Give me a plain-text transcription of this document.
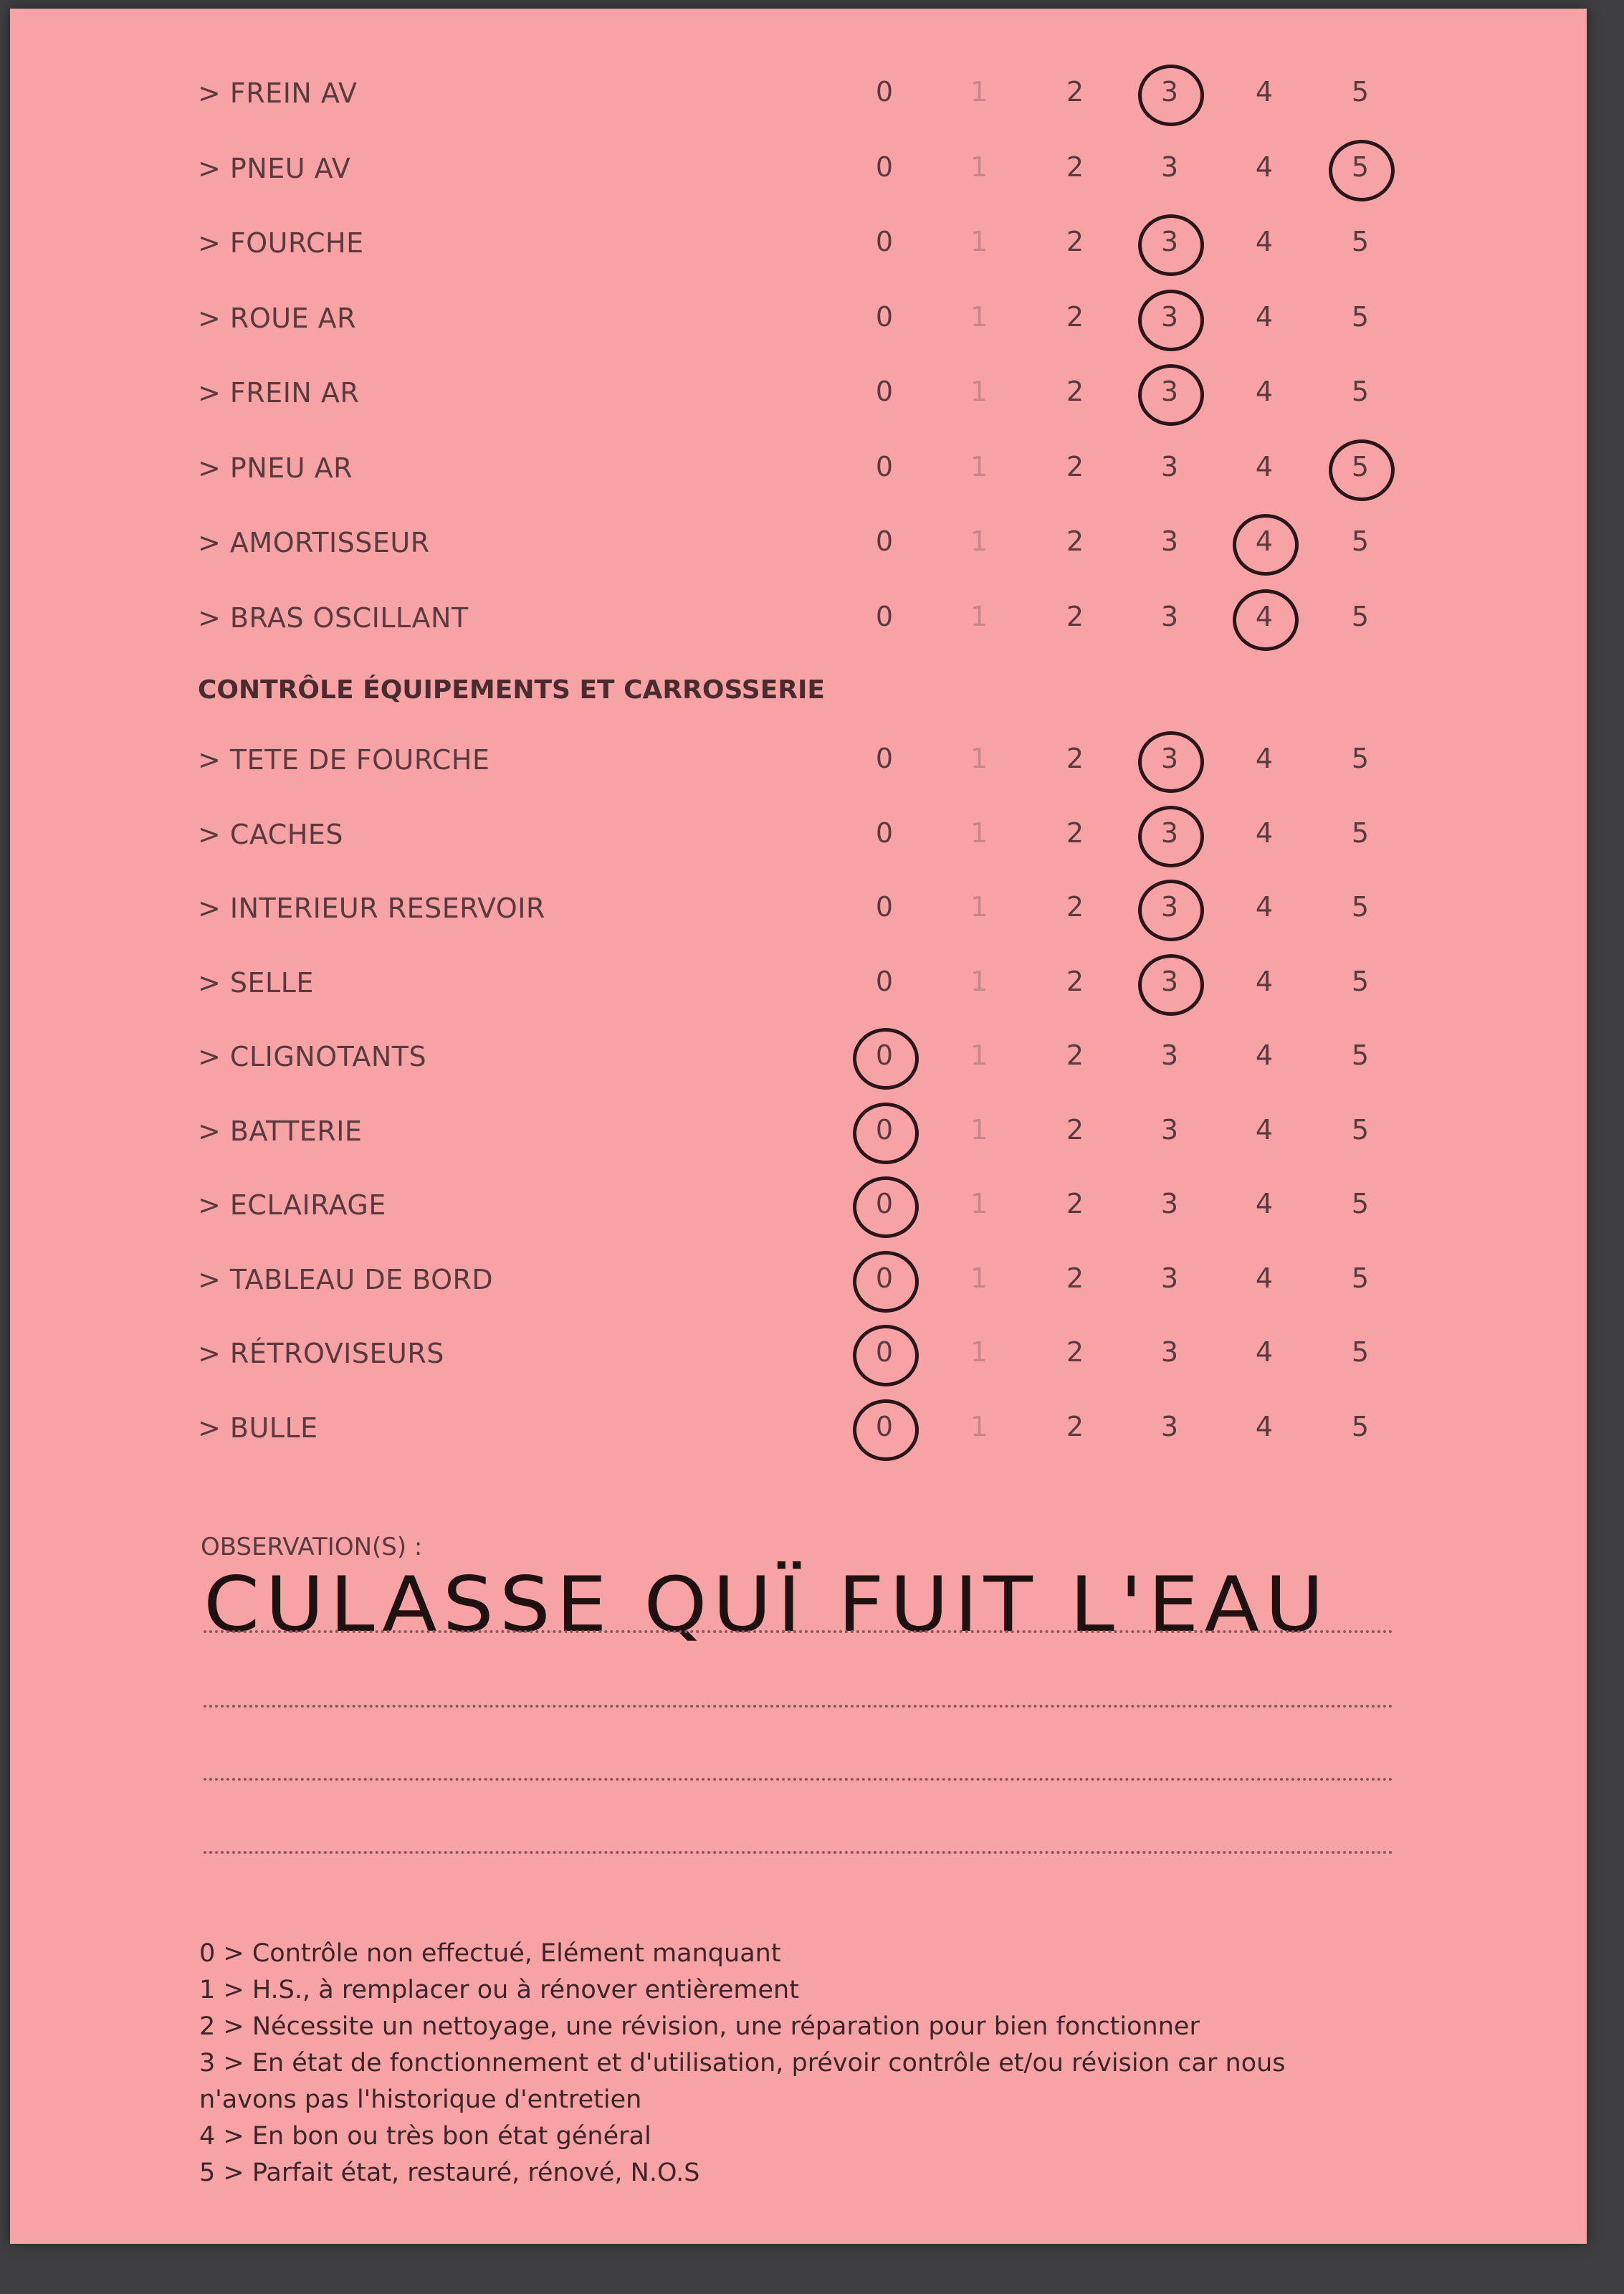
> FREIN AV	0	1	2	3	4	5
> PNEU AV	0	1	2	3	4	5
> FOURCHE	0	1	2	3	4	5
> ROUE AR	0	1	2	3	4	5
> FREIN AR	0	1	2	3	4	5
> PNEU AR	0	1	2	3	4	5
> AMORTISSEUR	0	1	2	3	4	5
> BRAS OSCILLANT	0	1	2	3	4	5
CONTRÔLE ÉQUIPEMENTS ET CARROSSERIE
> TETE DE FOURCHE	0	1	2	3	4	5
> CACHES	0	1	2	3	4	5
> INTERIEUR RESERVOIR	0	1	2	3	4	5
> SELLE	0	1	2	3	4	5
> CLIGNOTANTS	0	1	2	3	4	5
> BATTERIE	0	1	2	3	4	5
> ECLAIRAGE	0	1	2	3	4	5
> TABLEAU DE BORD	0	1	2	3	4	5
> RÉTROVISEURS	0	1	2	3	4	5
> BULLE	0	1	2	3	4	5
OBSERVATION(S) :
CULASSE QUÏ FUIT L'EAU
0 > Contrôle non effectué, Elément manquant
1 > H.S., à remplacer ou à rénover entièrement
2 > Nécessite un nettoyage, une révision, une réparation pour bien fonctionner
3 > En état de fonctionnement et d'utilisation, prévoir contrôle et/ou révision car nous
n'avons pas l'historique d'entretien
4 > En bon ou très bon état général
5 > Parfait état, restauré, rénové, N.O.S
